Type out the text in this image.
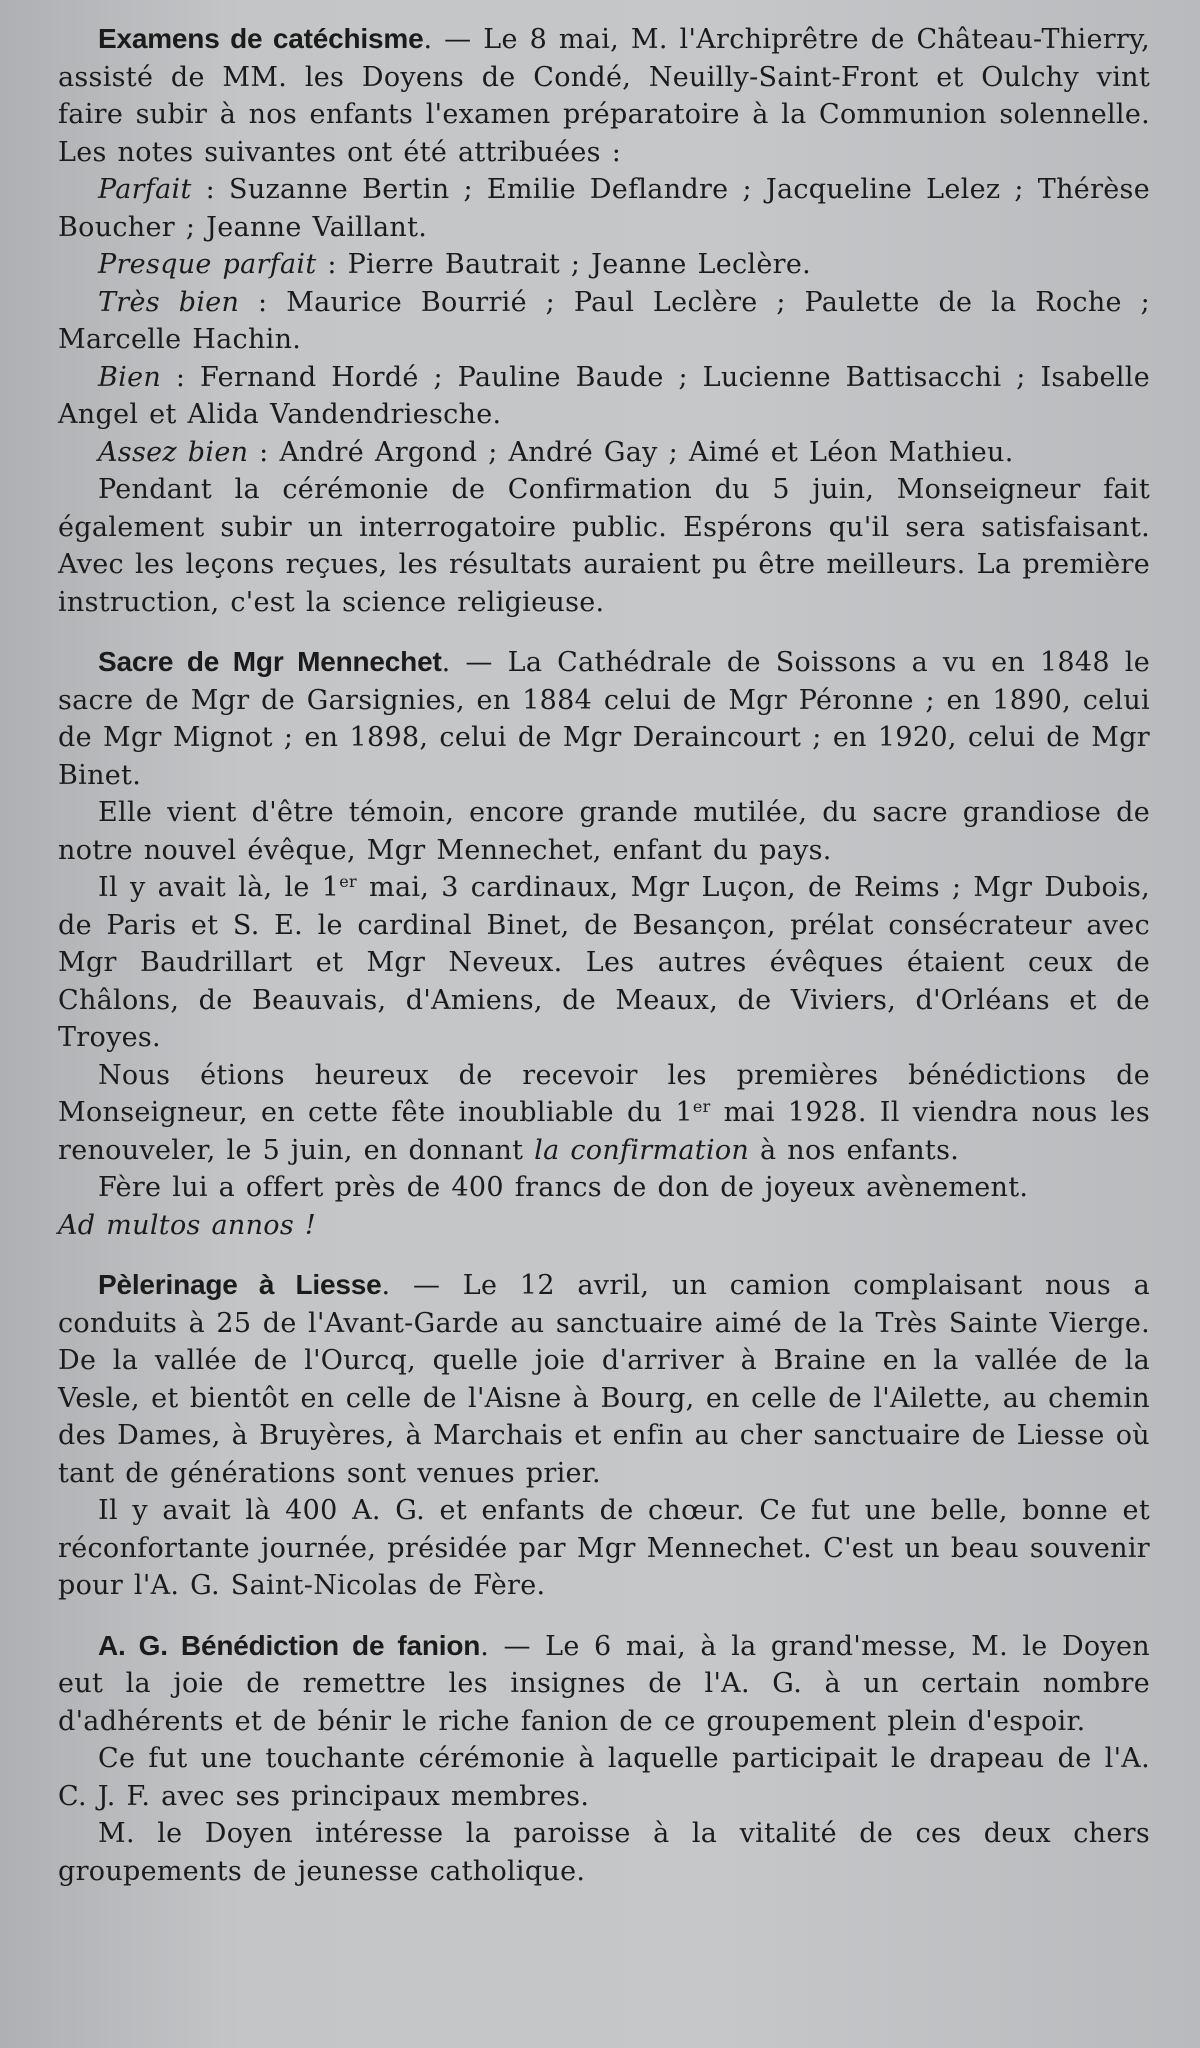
Examens de catéchisme. — Le 8 mai, M. l'Archiprêtre de Château-Thierry, assisté de MM. les Doyens de Condé, Neuilly-Saint-Front et Oulchy vint faire subir à nos enfants l'examen préparatoire à la Communion solennelle. Les notes suivantes ont été attribuées :

Parfait : Suzanne Bertin ; Emilie Deflandre ; Jacqueline Lelez ; Thérèse Boucher ; Jeanne Vaillant.

Presque parfait : Pierre Bautrait ; Jeanne Leclère.

Très bien : Maurice Bourrié ; Paul Leclère ; Paulette de la Roche ; Marcelle Hachin.

Bien : Fernand Hordé ; Pauline Baude ; Lucienne Battisacchi ; Isabelle Angel et Alida Vandendriesche.

Assez bien : André Argond ; André Gay ; Aimé et Léon Mathieu.

Pendant la cérémonie de Confirmation du 5 juin, Monseigneur fait également subir un interrogatoire public. Espérons qu'il sera satisfaisant. Avec les leçons reçues, les résultats auraient pu être meilleurs. La première instruction, c'est la science religieuse.

Sacre de Mgr Mennechet. — La Cathédrale de Soissons a vu en 1848 le sacre de Mgr de Garsignies, en 1884 celui de Mgr Péronne ; en 1890, celui de Mgr Mignot ; en 1898, celui de Mgr Deraincourt ; en 1920, celui de Mgr Binet.

Elle vient d'être témoin, encore grande mutilée, du sacre grandiose de notre nouvel évêque, Mgr Mennechet, enfant du pays.

Il y avait là, le 1er mai, 3 cardinaux, Mgr Luçon, de Reims ; Mgr Dubois, de Paris et S. E. le cardinal Binet, de Besançon, prélat consécrateur avec Mgr Baudrillart et Mgr Neveux. Les autres évêques étaient ceux de Châlons, de Beauvais, d'Amiens, de Meaux, de Viviers, d'Orléans et de Troyes.

Nous étions heureux de recevoir les premières bénédictions de Monseigneur, en cette fête inoubliable du 1er mai 1928. Il viendra nous les renouveler, le 5 juin, en donnant la confirmation à nos enfants.

Fère lui a offert près de 400 francs de don de joyeux avènement.
Ad multos annos !

Pèlerinage à Liesse. — Le 12 avril, un camion complaisant nous a conduits à 25 de l'Avant-Garde au sanctuaire aimé de la Très Sainte Vierge. De la vallée de l'Ourcq, quelle joie d'arriver à Braine en la vallée de la Vesle, et bientôt en celle de l'Aisne à Bourg, en celle de l'Ailette, au chemin des Dames, à Bruyères, à Marchais et enfin au cher sanctuaire de Liesse où tant de générations sont venues prier.

Il y avait là 400 A. G. et enfants de chœur. Ce fut une belle, bonne et réconfortante journée, présidée par Mgr Mennechet. C'est un beau souvenir pour l'A. G. Saint-Nicolas de Fère.

A. G. Bénédiction de fanion. — Le 6 mai, à la grand'messe, M. le Doyen eut la joie de remettre les insignes de l'A. G. à un certain nombre d'adhérents et de bénir le riche fanion de ce groupement plein d'espoir.

Ce fut une touchante cérémonie à laquelle participait le drapeau de l'A. C. J. F. avec ses principaux membres.

M. le Doyen intéresse la paroisse à la vitalité de ces deux chers groupements de jeunesse catholique.
